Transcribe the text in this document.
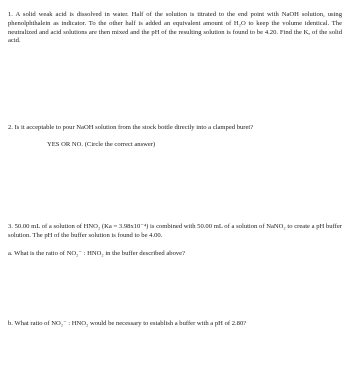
1. A solid weak acid is dissolved in water. Half of the solution is titrated to the end point with NaOH solution, using phenolphthalein as indicator. To the other half is added an equivalent amount of H₂O to keep the volume identical. The neutralized and acid solutions are then mixed and the pH of the resulting solution is found to be 4.20. Find the Kₐ of the solid acid.

2. Is it acceptable to pour NaOH solution from the stock bottle directly into a clamped buret?

YES OR NO. (Circle the correct answer)

3. 50.00 mL of a solution of HNO₂ (Ka = 3.98x10⁻⁴) is combined with 50.00 mL of a solution of NaNO₂ to create a pH buffer solution. The pH of the buffer solution is found to be 4.00.

a. What is the ratio of NO₂⁻ : HNO₂ in the buffer described above?

b. What ratio of NO₂⁻ : HNO₂ would be necessary to establish a buffer with a pH of 2.80?
